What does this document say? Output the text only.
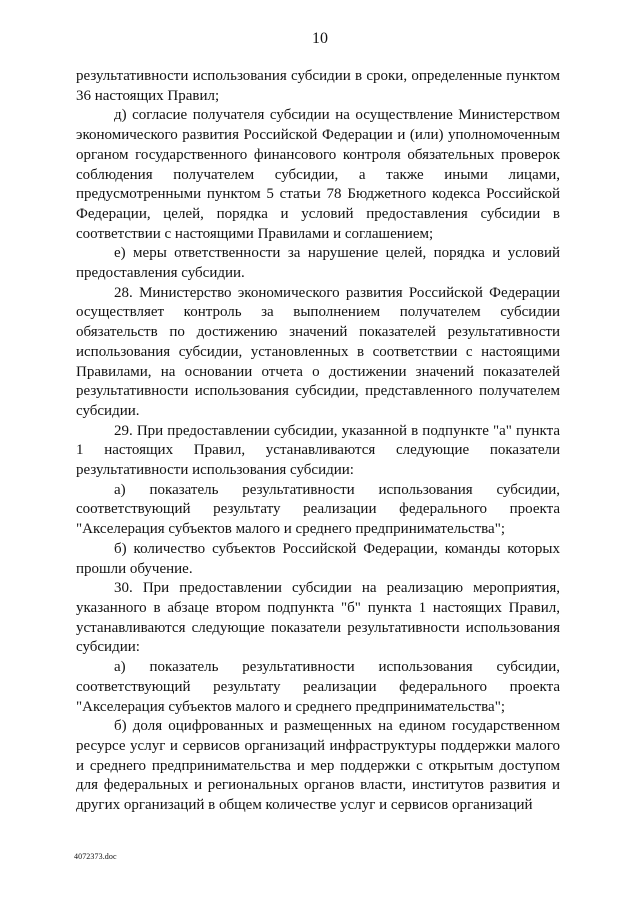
10

результативности использования субсидии в сроки, определенные пунктом 36 настоящих Правил;

д) согласие получателя субсидии на осуществление Министерством экономического развития Российской Федерации и (или) уполномоченным органом государственного финансового контроля обязательных проверок соблюдения получателем субсидии, а также иными лицами, предусмотренными пунктом 5 статьи 78 Бюджетного кодекса Российской Федерации, целей, порядка и условий предоставления субсидии в соответствии с настоящими Правилами и соглашением;

е) меры ответственности за нарушение целей, порядка и условий предоставления субсидии.

28. Министерство экономического развития Российской Федерации осуществляет контроль за выполнением получателем субсидии обязательств по достижению значений показателей результативности использования субсидии, установленных в соответствии с настоящими Правилами, на основании отчета о достижении значений показателей результативности использования субсидии, представленного получателем субсидии.

29. При предоставлении субсидии, указанной в подпункте "а" пункта 1 настоящих Правил, устанавливаются следующие показатели результативности использования субсидии:

а) показатель результативности использования субсидии, соответствующий результату реализации федерального проекта "Акселерация субъектов малого и среднего предпринимательства";

б) количество субъектов Российской Федерации, команды которых прошли обучение.

30. При предоставлении субсидии на реализацию мероприятия, указанного в абзаце втором подпункта "б" пункта 1 настоящих Правил, устанавливаются следующие показатели результативности использования субсидии:

а) показатель результативности использования субсидии, соответствующий результату реализации федерального проекта "Акселерация субъектов малого и среднего предпринимательства";

б) доля оцифрованных и размещенных на едином государственном ресурсе услуг и сервисов организаций инфраструктуры поддержки малого и среднего предпринимательства и мер поддержки с открытым доступом для федеральных и региональных органов власти, институтов развития и других организаций в общем количестве услуг и сервисов организаций

4072373.doc
